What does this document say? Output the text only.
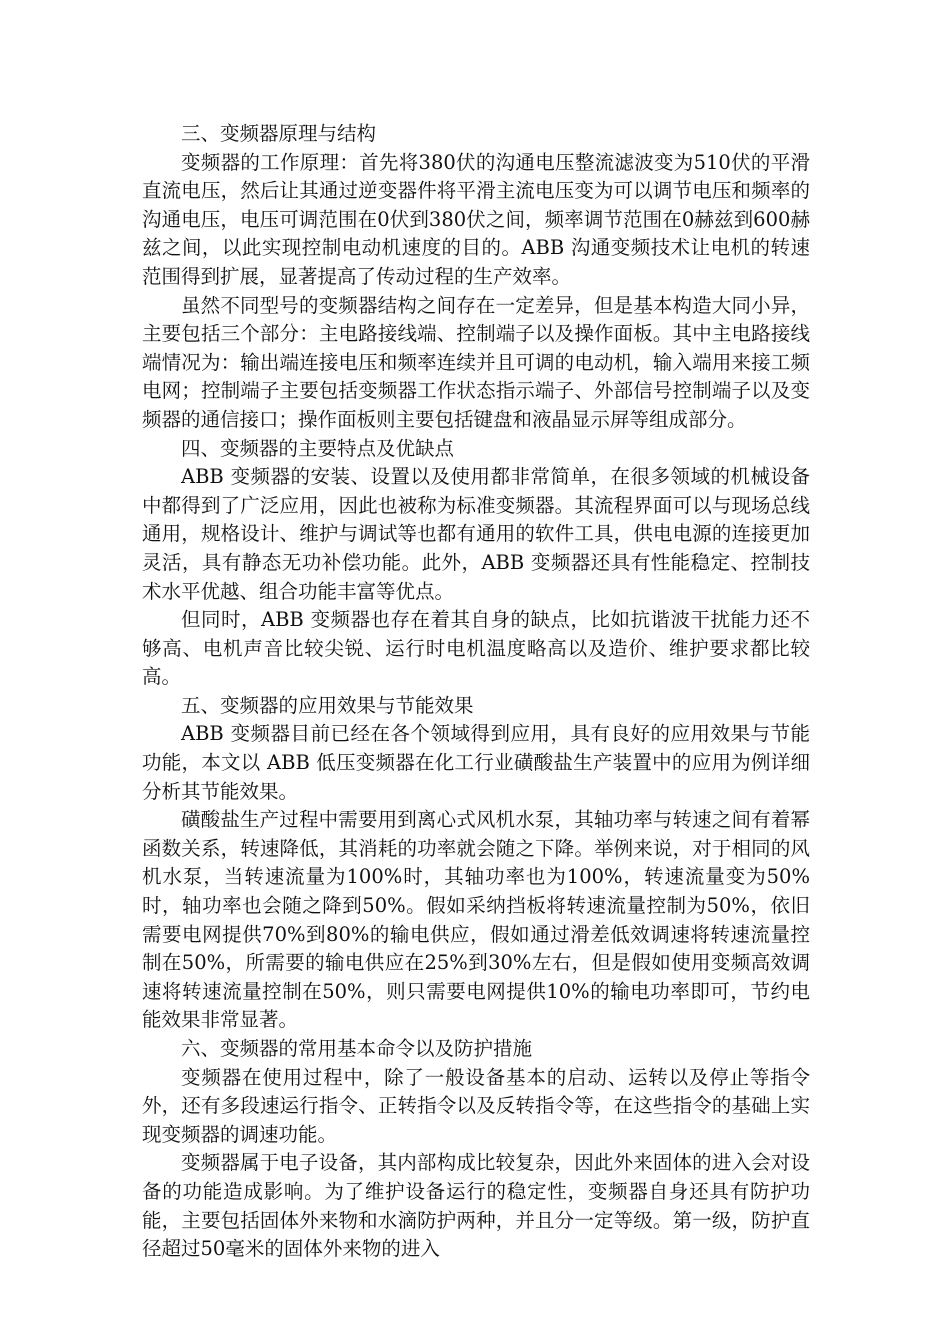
三、变频器原理与结构

变频器的工作原理：首先将380伏的沟通电压整流滤波变为510伏的平滑直流电压，然后让其通过逆变器件将平滑主流电压变为可以调节电压和频率的沟通电压，电压可调范围在0伏到380伏之间，频率调节范围在0赫兹到600赫兹之间，以此实现控制电动机速度的目的。ABB 沟通变频技术让电机的转速范围得到扩展，显著提高了传动过程的生产效率。

虽然不同型号的变频器结构之间存在一定差异，但是基本构造大同小异，主要包括三个部分：主电路接线端、控制端子以及操作面板。其中主电路接线端情况为：输出端连接电压和频率连续并且可调的电动机，输入端用来接工频电网；控制端子主要包括变频器工作状态指示端子、外部信号控制端子以及变频器的通信接口；操作面板则主要包括键盘和液晶显示屏等组成部分。

四、变频器的主要特点及优缺点

ABB 变频器的安装、设置以及使用都非常简单，在很多领域的机械设备中都得到了广泛应用，因此也被称为标准变频器。其流程界面可以与现场总线通用，规格设计、维护与调试等也都有通用的软件工具，供电电源的连接更加灵活，具有静态无功补偿功能。此外，ABB 变频器还具有性能稳定、控制技术水平优越、组合功能丰富等优点。

但同时，ABB 变频器也存在着其自身的缺点，比如抗谐波干扰能力还不够高、电机声音比较尖锐、运行时电机温度略高以及造价、维护要求都比较高。

五、变频器的应用效果与节能效果

ABB 变频器目前已经在各个领域得到应用，具有良好的应用效果与节能功能，本文以 ABB 低压变频器在化工行业磺酸盐生产装置中的应用为例详细分析其节能效果。

磺酸盐生产过程中需要用到离心式风机水泵，其轴功率与转速之间有着幂函数关系，转速降低，其消耗的功率就会随之下降。举例来说，对于相同的风机水泵，当转速流量为100%时，其轴功率也为100%，转速流量变为50%时，轴功率也会随之降到50%。假如采纳挡板将转速流量控制为50%，依旧需要电网提供70%到80%的输电供应，假如通过滑差低效调速将转速流量控制在50%，所需要的输电供应在25%到30%左右，但是假如使用变频高效调速将转速流量控制在50%，则只需要电网提供10%的输电功率即可，节约电能效果非常显著。

六、变频器的常用基本命令以及防护措施

变频器在使用过程中，除了一般设备基本的启动、运转以及停止等指令外，还有多段速运行指令、正转指令以及反转指令等，在这些指令的基础上实现变频器的调速功能。

变频器属于电子设备，其内部构成比较复杂，因此外来固体的进入会对设备的功能造成影响。为了维护设备运行的稳定性，变频器自身还具有防护功能，主要包括固体外来物和水滴防护两种，并且分一定等级。第一级，防护直径超过50毫米的固体外来物的进入
